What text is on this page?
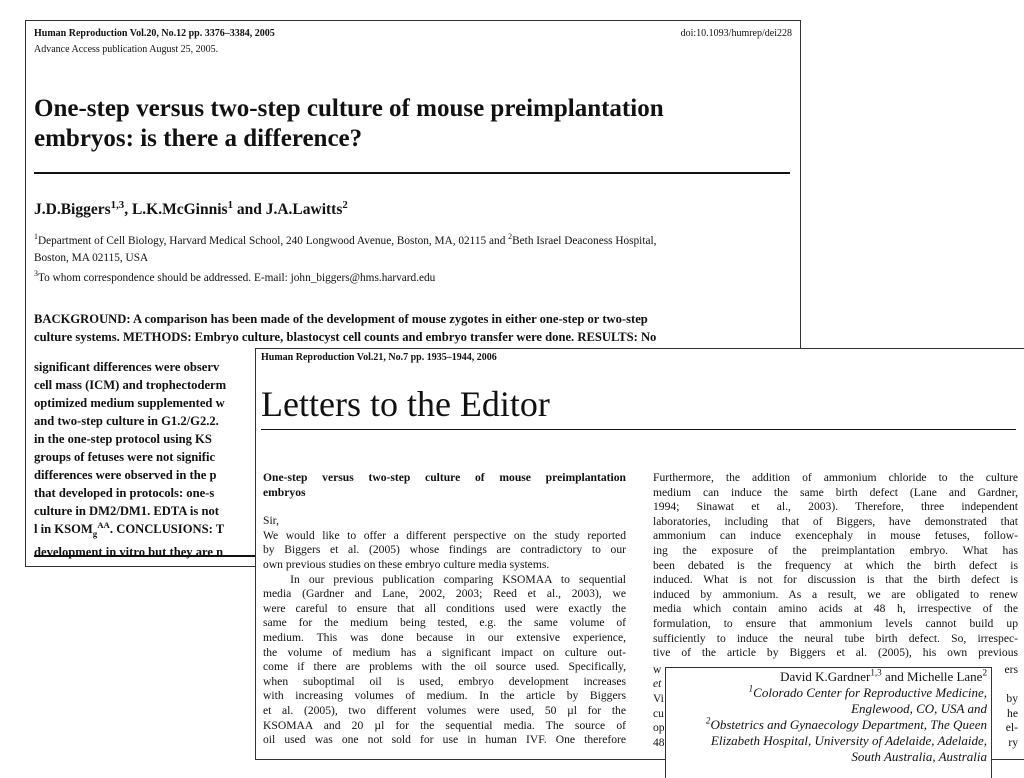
Human Reproduction Vol.20, No.12 pp. 3376–3384, 2005	doi:10.1093/humrep/dei228
Advance Access publication August 25, 2005.
One-step versus two-step culture of mouse preimplantation
embryos: is there a difference?
J.D.Biggers$^{1,3}$, L.K.McGinnis$^1$ and J.A.Lawitts$^2$
$^1$Department of Cell Biology, Harvard Medical School, 240 Longwood Avenue, Boston, MA, 02115 and $^2$Beth Israel Deaconess Hospital,
Boston, MA 02115, USA
$^3$To whom correspondence should be addressed. E-mail: john_biggers@hms.harvard.edu
BACKGROUND: A comparison has been made of the development of mouse zygotes in either one-step or two-step
culture systems. METHODS: Embryo culture, blastocyst cell counts and embryo transfer were done. RESULTS: No
significant differences were observ
cell mass (ICM) and trophectoderm
optimized medium supplemented w
and two-step culture in G1.2/G2.2.
in the one-step protocol using KS
groups of fetuses were not signific
differences were observed in the p
that developed in protocols: one-s
culture in DM2/DM1. EDTA is not
l in $KSOM_g^{AA}$. CONCLUSIONS: T
development in vitro but they are n
Human Reproduction Vol.21, No.7 pp. 1935–1944, 2006
Letters to the Editor
One-step versus two-step culture of mouse preimplantation
embryos
Sir,
We would like to offer a different perspective on the study reported
by Biggers et al. (2005) whose findings are contradictory to our
own previous studies on these embryo culture media systems.
In our previous publication comparing KSOMAA to sequential
media (Gardner and Lane, 2002, 2003; Reed et al., 2003), we
were careful to ensure that all conditions used were exactly the
same for the medium being tested, e.g. the same volume of
medium. This was done because in our extensive experience,
the volume of medium has a significant impact on culture out-
come if there are problems with the oil source used. Specifically,
when suboptimal oil is used, embryo development increases
with increasing volumes of medium. In the article by Biggers
et al. (2005), two different volumes were used, 50 µl for the
KSOMAA and 20 µl for the sequential media. The source of
oil used was one not sold for use in human IVF. One therefore
Furthermore, the addition of ammonium chloride to the culture
medium can induce the same birth defect (Lane and Gardner,
1994; Sinawat et al., 2003). Therefore, three independent
laboratories, including that of Biggers, have demonstrated that
ammonium can induce exencephaly in mouse fetuses, follow-
ing the exposure of the preimplantation embryo. What has
been debated is the frequency at which the birth defect is
induced. What is not for discussion is that the birth defect is
induced by ammonium. As a result, we are obligated to renew
media which contain amino acids at 48 h, irrespective of the
formulation, to ensure that ammonium levels cannot build up
sufficiently to induce the neural tube birth defect. So, irrespec-
tive of the article by Biggers et al. (2005), his own previous
w
et
Vi
cu
op
48
ers
by
he
el-
ry
David K.Gardner$^{1,3}$ and Michelle Lane$^2$
$^1$Colorado Center for Reproductive Medicine,
Englewood, CO, USA and
$^2$Obstetrics and Gynaecology Department, The Queen
Elizabeth Hospital, University of Adelaide, Adelaide,
South Australia, Australia
